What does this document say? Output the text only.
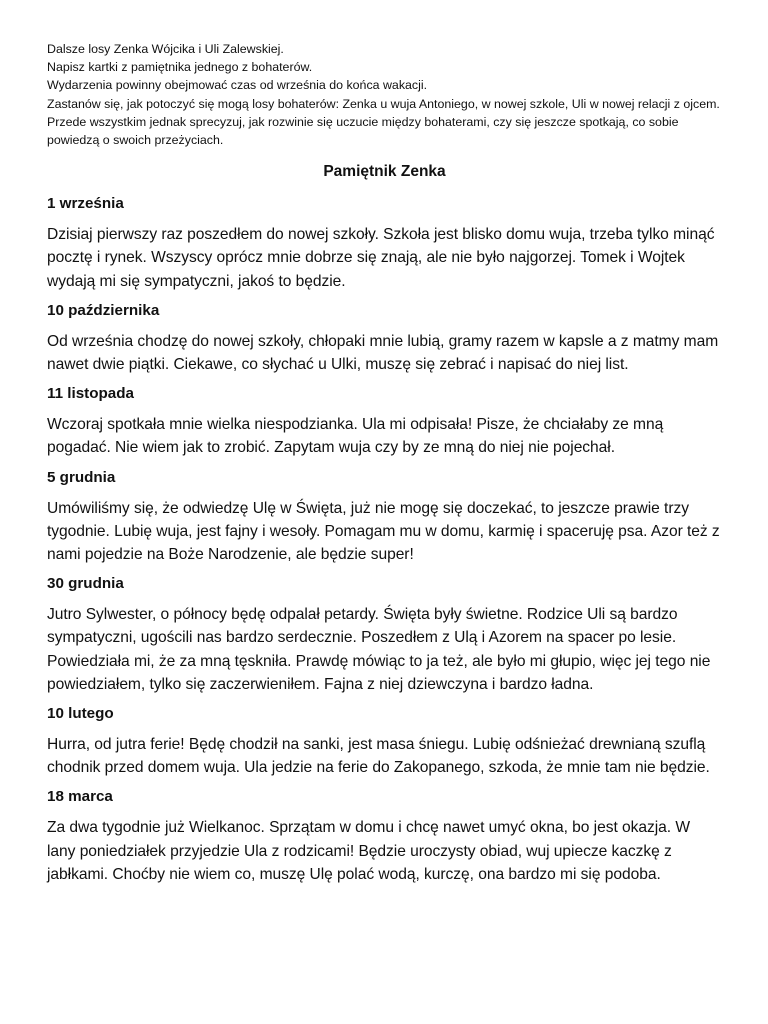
Dalsze losy Zenka Wójcika i Uli Zalewskiej.

Napisz kartki z pamiętnika jednego z bohaterów.

Wydarzenia powinny obejmować czas od września do końca wakacji.

Zastanów się, jak potoczyć się mogą losy bohaterów: Zenka u wuja Antoniego, w nowej szkole, Uli w nowej relacji z ojcem.

Przede wszystkim jednak sprecyzuj, jak rozwinie się uczucie między bohaterami, czy się jeszcze spotkają, co sobie powiedzą o swoich przeżyciach.

Pamiętnik Zenka
1 września
Dzisiaj pierwszy raz poszedłem do nowej szkoły. Szkoła jest blisko domu wuja, trzeba tylko minąć pocztę i rynek. Wszyscy oprócz mnie dobrze się znają, ale nie było najgorzej. Tomek i Wojtek wydają mi się sympatyczni, jakoś to będzie.
10 października
Od września chodzę do nowej szkoły, chłopaki mnie lubią, gramy razem w kapsle a z matmy mam nawet dwie piątki. Ciekawe, co słychać u Ulki, muszę się zebrać i napisać do niej list.
11 listopada
Wczoraj spotkała mnie wielka niespodzianka. Ula mi odpisała! Pisze, że chciałaby ze mną pogadać. Nie wiem jak to zrobić. Zapytam wuja czy by ze mną do niej nie pojechał.
5 grudnia
Umówiliśmy się, że odwiedzę Ulę w Święta, już nie mogę się doczekać, to jeszcze prawie trzy tygodnie. Lubię wuja, jest fajny i wesoły. Pomagam mu w domu, karmię i spaceruję psa. Azor też z nami pojedzie na Boże Narodzenie, ale będzie super!
30 grudnia
Jutro Sylwester, o północy będę odpalał petardy. Święta były świetne. Rodzice Uli są bardzo sympatyczni, ugościli nas bardzo serdecznie. Poszedłem z Ulą i Azorem na spacer po lesie. Powiedziała mi, że za mną tęskniła. Prawdę mówiąc to ja też, ale było mi głupio, więc jej tego nie powiedziałem, tylko się zaczerwieniłem. Fajna z niej dziewczyna i bardzo ładna.
10 lutego
Hurra, od jutra ferie! Będę chodził na sanki, jest masa śniegu. Lubię odśnieżać drewnianą szuflą chodnik przed domem wuja. Ula jedzie na ferie do Zakopanego, szkoda, że mnie tam nie będzie.
18 marca
Za dwa tygodnie już Wielkanoc. Sprzątam w domu i chcę nawet umyć okna, bo jest okazja. W lany poniedziałek przyjedzie Ula z rodzicami! Będzie uroczysty obiad, wuj upiecze kaczkę z jabłkami. Choćby nie wiem co, muszę Ulę polać wodą, kurczę, ona bardzo mi się podoba.
